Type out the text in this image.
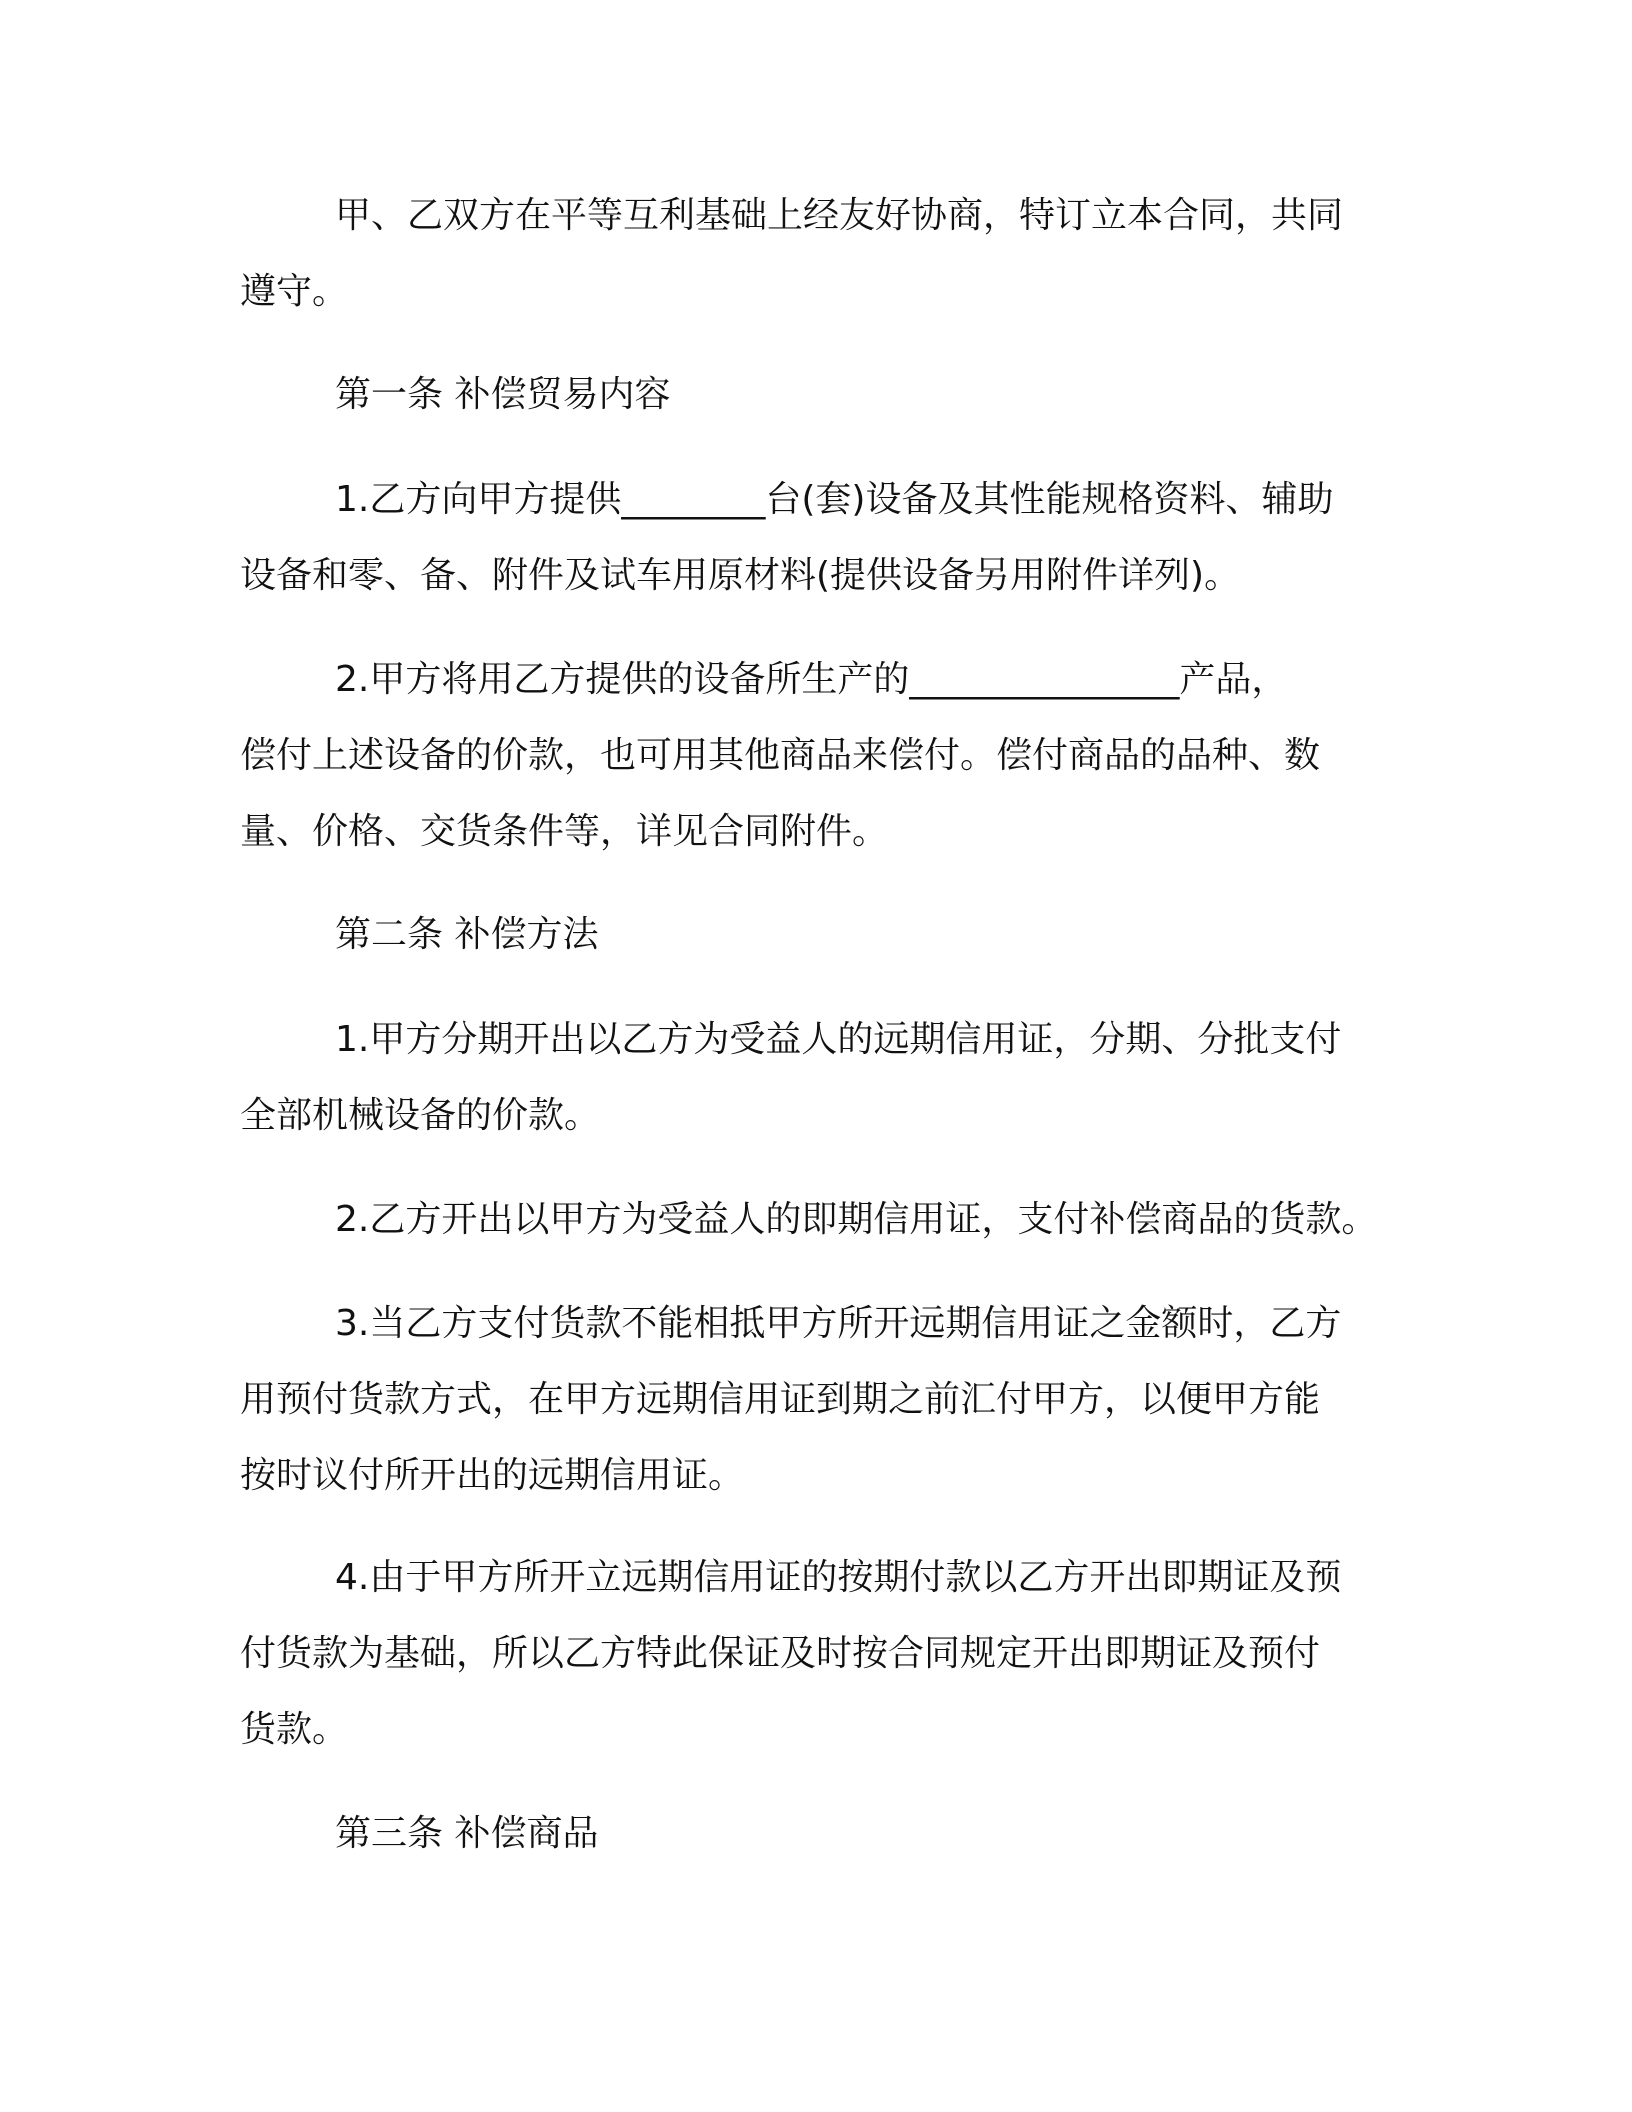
甲、乙双方在平等互利基础上经友好协商，特订立本合同，共同
遵守。

第一条 补偿贸易内容

1.乙方向甲方提供________台(套)设备及其性能规格资料、辅助
设备和零、备、附件及试车用原材料(提供设备另用附件详列)。

2.甲方将用乙方提供的设备所生产的_______________产品，
偿付上述设备的价款，也可用其他商品来偿付。偿付商品的品种、数
量、价格、交货条件等，详见合同附件。

第二条 补偿方法

1.甲方分期开出以乙方为受益人的远期信用证，分期、分批支付
全部机械设备的价款。

2.乙方开出以甲方为受益人的即期信用证，支付补偿商品的货款。

3.当乙方支付货款不能相抵甲方所开远期信用证之金额时，乙方
用预付货款方式，在甲方远期信用证到期之前汇付甲方，以便甲方能
按时议付所开出的远期信用证。

4.由于甲方所开立远期信用证的按期付款以乙方开出即期证及预
付货款为基础，所以乙方特此保证及时按合同规定开出即期证及预付
货款。

第三条 补偿商品
